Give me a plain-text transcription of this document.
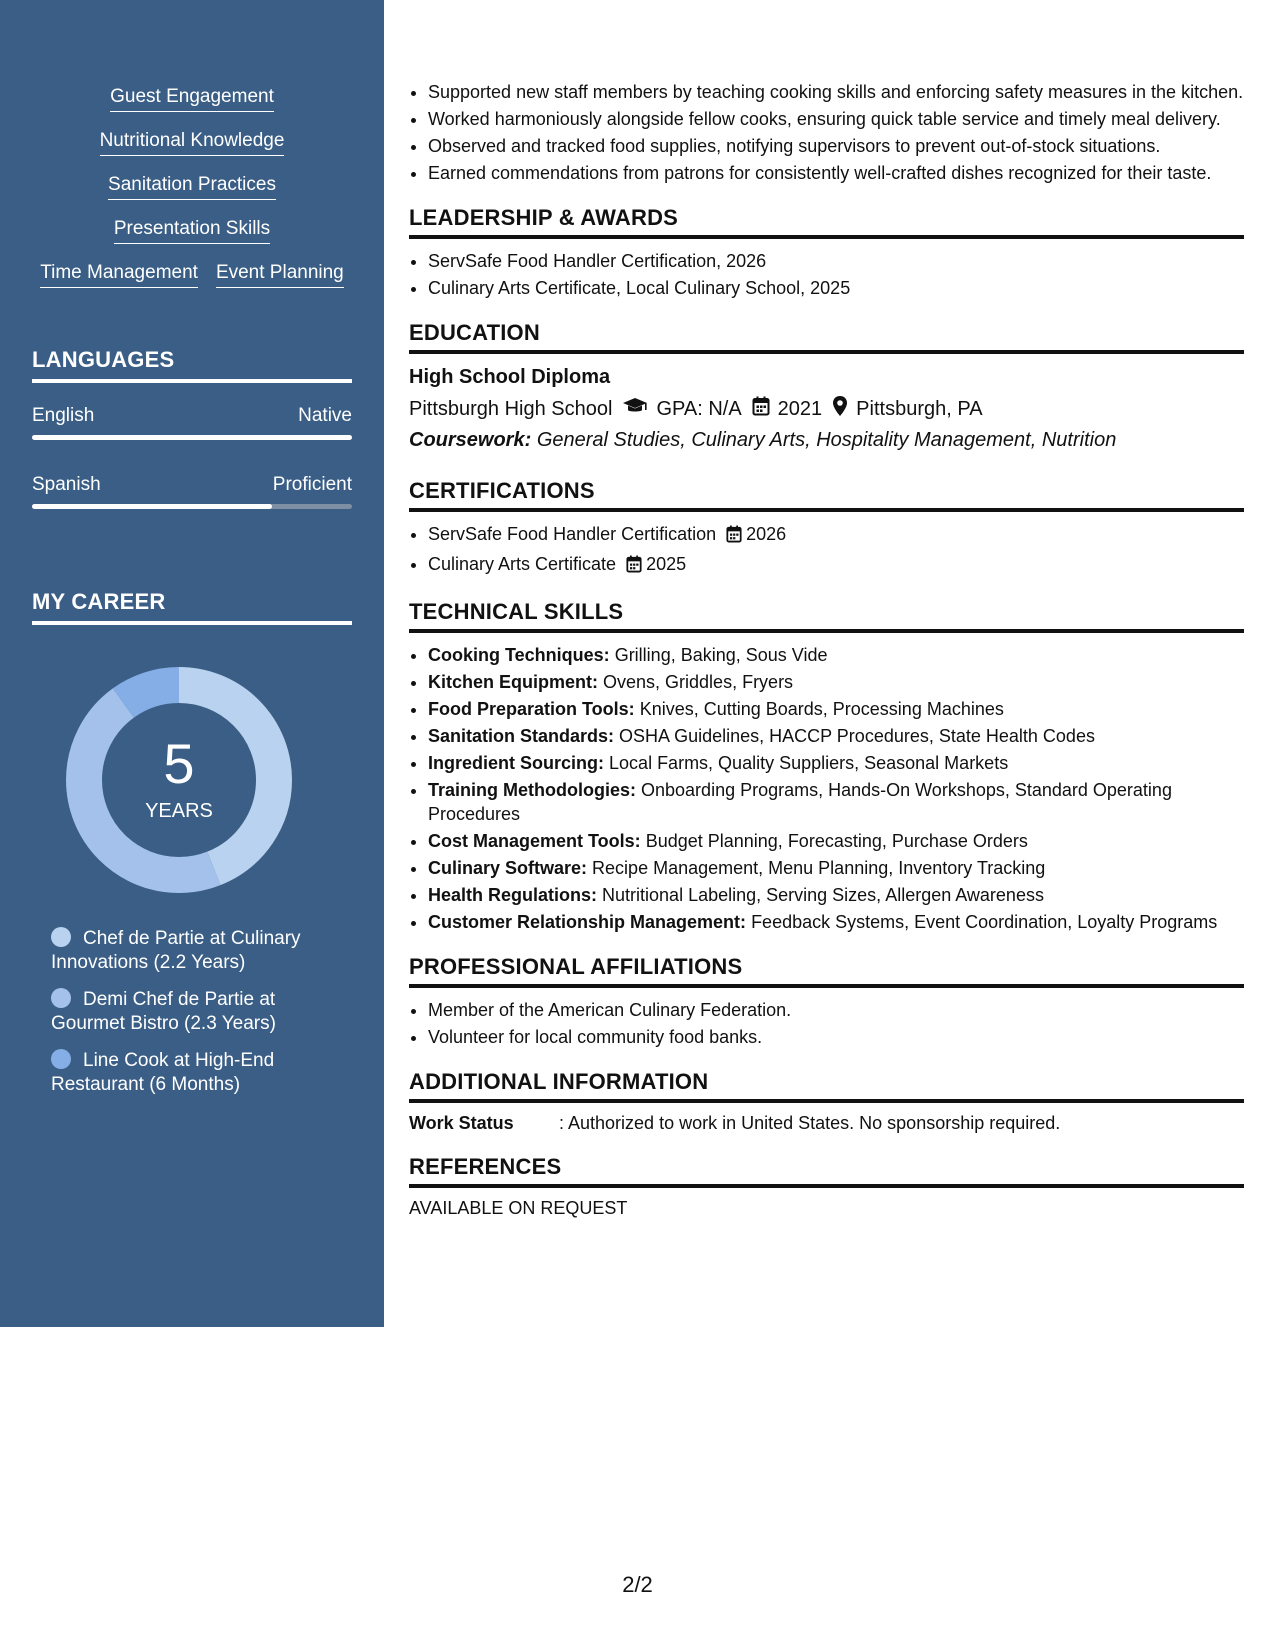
Guest Engagement
Nutritional Knowledge
Sanitation Practices
Presentation Skills
Time Management Event Planning
LANGUAGES
English	Native
Spanish	Proficient
MY CAREER
5
YEARS
Chef de Partie at Culinary Innovations (2.2 Years)
Demi Chef de Partie at Gourmet Bistro (2.3 Years)
Line Cook at High-End Restaurant (6 Months)
• Supported new staff members by teaching cooking skills and enforcing safety measures in the kitchen.
• Worked harmoniously alongside fellow cooks, ensuring quick table service and timely meal delivery.
• Observed and tracked food supplies, notifying supervisors to prevent out-of-stock situations.
• Earned commendations from patrons for consistently well-crafted dishes recognized for their taste.
LEADERSHIP & AWARDS
• ServSafe Food Handler Certification, 2026
• Culinary Arts Certificate, Local Culinary School, 2025
EDUCATION
High School Diploma
Pittsburgh High School GPA: N/A 2021 Pittsburgh, PA
Coursework: General Studies, Culinary Arts, Hospitality Management, Nutrition
CERTIFICATIONS
• ServSafe Food Handler Certification 2026
• Culinary Arts Certificate 2025
TECHNICAL SKILLS
• Cooking Techniques: Grilling, Baking, Sous Vide
• Kitchen Equipment: Ovens, Griddles, Fryers
• Food Preparation Tools: Knives, Cutting Boards, Processing Machines
• Sanitation Standards: OSHA Guidelines, HACCP Procedures, State Health Codes
• Ingredient Sourcing: Local Farms, Quality Suppliers, Seasonal Markets
• Training Methodologies: Onboarding Programs, Hands-On Workshops, Standard Operating Procedures
• Cost Management Tools: Budget Planning, Forecasting, Purchase Orders
• Culinary Software: Recipe Management, Menu Planning, Inventory Tracking
• Health Regulations: Nutritional Labeling, Serving Sizes, Allergen Awareness
• Customer Relationship Management: Feedback Systems, Event Coordination, Loyalty Programs
PROFESSIONAL AFFILIATIONS
• Member of the American Culinary Federation.
• Volunteer for local community food banks.
ADDITIONAL INFORMATION
Work Status	: Authorized to work in United States. No sponsorship required.
REFERENCES
AVAILABLE ON REQUEST
2/2
